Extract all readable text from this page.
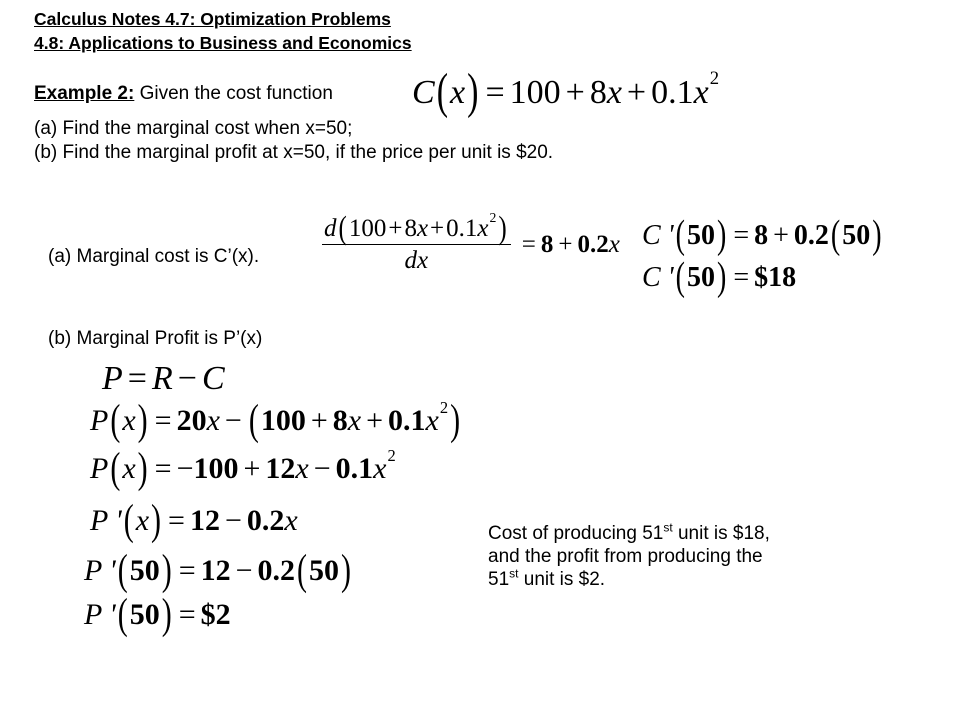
Calculus Notes 4.7: Optimization Problems
4.8: Applications to Business and Economics
Example 2: Given the cost function C ( x ) = 100 + 8 x + 0.1 x 2
(a) Find the marginal cost when x=50;
(b) Find the marginal profit at x=50, if the price per unit is $20.
(a) Marginal cost is C’(x).	$\frac{d ( 100 + 8 x + 0.1 x 2 )}{dx} = 8 + 0.2$ x C ' ( 50 ) = 8 + 0.2 ( 50 )
C ' ( 50 ) = $18
(b) Marginal Profit is P’(x)
P = R − C
P ( x ) = 20 x − ( 100 + 8 x + 0.1 x 2 )
P ( x ) = − 100 + 12 x − 0.1 x 2
P ' ( x ) = 12 − 0.2 x
P ' ( 50 ) = 12 − 0.2 ( 50 )
P ' ( 50 ) = $2
Cost of producing 51st unit is $18,
and the profit from producing the
51st unit is $2.
